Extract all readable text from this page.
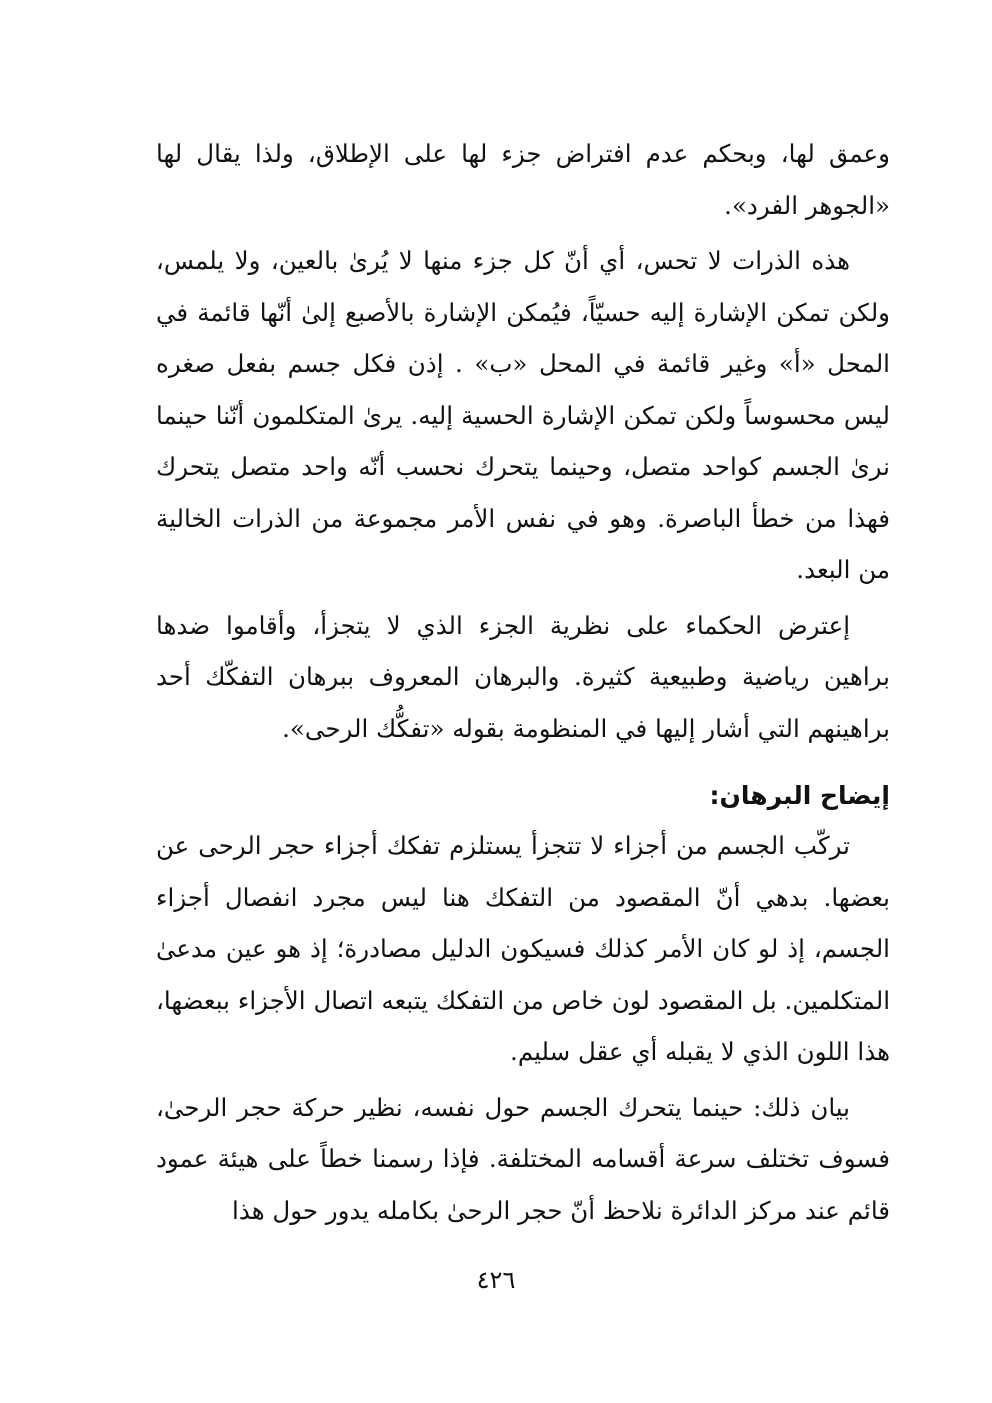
وعمق لها، وبحكم عدم افتراض جزء لها على الإطلاق، ولذا يقال لها «الجوهر الفرد».

هذه الذرات لا تحس، أي أنّ كل جزء منها لا يُرىٰ بالعين، ولا يلمس، ولكن تمكن الإشارة إليه حسيّاً، فيُمكن الإشارة بالأصبع إلىٰ أنّها قائمة في المحل «أ» وغير قائمة في المحل «ب» . إذن فكل جسم بفعل صغره ليس محسوساً ولكن تمكن الإشارة الحسية إليه. يرىٰ المتكلمون أنّنا حينما نرىٰ الجسم كواحد متصل، وحينما يتحرك نحسب أنّه واحد متصل يتحرك فهذا من خطأ الباصرة. وهو في نفس الأمر مجموعة من الذرات الخالية من البعد.

إعترض الحكماء على نظرية الجزء الذي لا يتجزأ، وأقاموا ضدها براهين رياضية وطبيعية كثيرة. والبرهان المعروف ببرهان التفكّك أحد براهينهم التي أشار إليها في المنظومة بقوله «تفكُّك الرحى».

إيضاح البرهان:

تركّب الجسم من أجزاء لا تتجزأ يستلزم تفكك أجزاء حجر الرحى عن بعضها. بدهي أنّ المقصود من التفكك هنا ليس مجرد انفصال أجزاء الجسم، إذ لو كان الأمر كذلك فسيكون الدليل مصادرة؛ إذ هو عين مدعىٰ المتكلمين. بل المقصود لون خاص من التفكك يتبعه اتصال الأجزاء ببعضها، هذا اللون الذي لا يقبله أي عقل سليم.

بيان ذلك: حينما يتحرك الجسم حول نفسه، نظير حركة حجر الرحىٰ، فسوف تختلف سرعة أقسامه المختلفة. فإذا رسمنا خطاً على هيئة عمود قائم عند مركز الدائرة نلاحظ أنّ حجر الرحىٰ بكامله يدور حول هذا

٤٢٦
